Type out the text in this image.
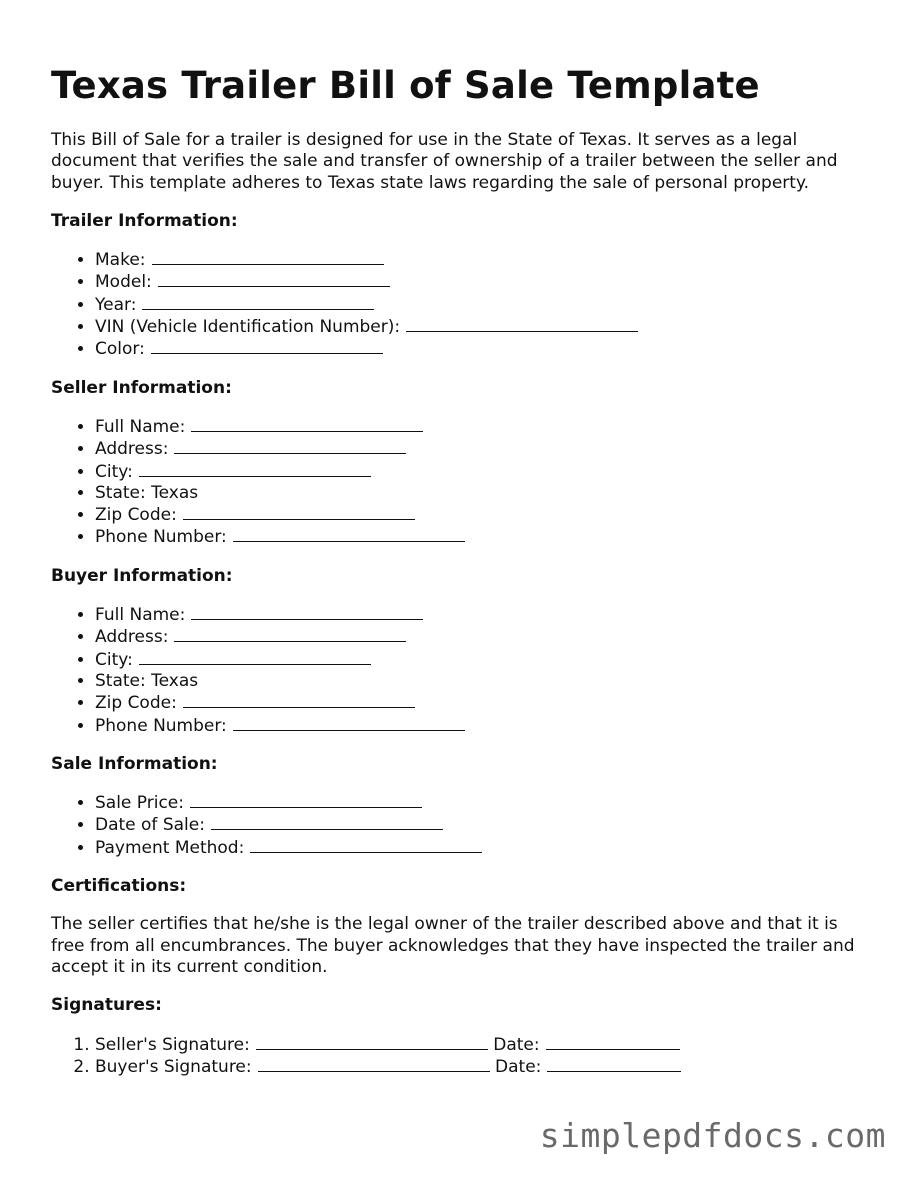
Texas Trailer Bill of Sale Template

This Bill of Sale for a trailer is designed for use in the State of Texas. It serves as a legal document that verifies the sale and transfer of ownership of a trailer between the seller and buyer. This template adheres to Texas state laws regarding the sale of personal property.

Trailer Information:
• Make:
• Model:
• Year:
• VIN (Vehicle Identification Number):
• Color:
Seller Information:
• Full Name:
• Address:
• City:
• State: Texas
• Zip Code:
• Phone Number:
Buyer Information:
• Full Name:
• Address:
• City:
• State: Texas
• Zip Code:
• Phone Number:
Sale Information:
• Sale Price:
• Date of Sale:
• Payment Method:
Certifications:

The seller certifies that he/she is the legal owner of the trailer described above and that it is free from all encumbrances. The buyer acknowledges that they have inspected the trailer and accept it in its current condition.

Signatures:
1. Seller's Signature:	Date:
2. Buyer's Signature:	Date:
simplepdfdocs.com
